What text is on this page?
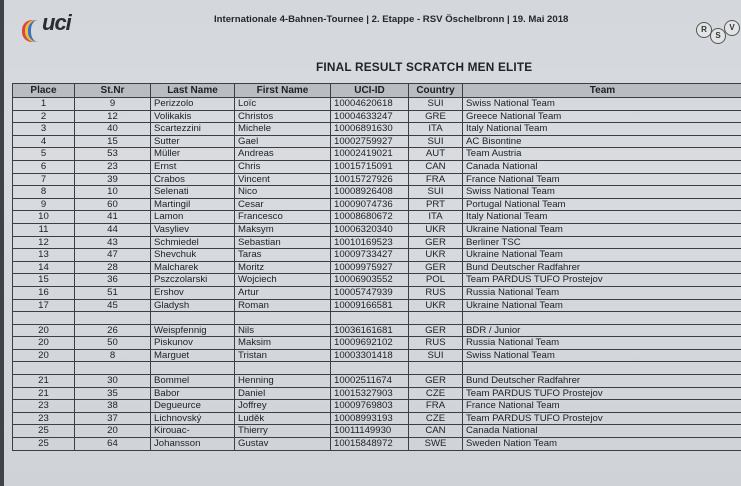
uci	Internationale 4-Bahnen-Tournee | 2. Etappe - RSV Öschelbronn | 19. Mai 2018
R
S
V
FINAL RESULT SCRATCH MEN ELITE
Place	St.Nr	Last Name	First Name	UCI-ID	Country	Team
1	9	Perizzolo	Loïc	10004620618	SUI	Swiss National Team
2	12	Volikakis	Christos	10004633247	GRE	Greece National Team
3	40	Scartezzini	Michele	10006891630	ITA	Italy National Team
4	15	Sutter	Gael	10002759927	SUI	AC Bisontine
5	53	Müller	Andreas	10002419021	AUT	Team Austria
6	23	Ernst	Chris	10015715091	CAN	Canada National
7	39	Crabos	Vincent	10015727926	FRA	France National Team
8	10	Selenati	Nico	10008926408	SUI	Swiss National Team
9	60	Martingil	Cesar	10009074736	PRT	Portugal National Team
10	41	Lamon	Francesco	10008680672	ITA	Italy National Team
11	44	Vasyliev	Maksym	10006320340	UKR	Ukraine National Team
12	43	Schmiedel	Sebastian	10010169523	GER	Berliner TSC
13	47	Shevchuk	Taras	10009733427	UKR	Ukraine National Team
14	28	Malcharek	Moritz	10009975927	GER	Bund Deutscher Radfahrer
15	36	Pszczolarski	Wojciech	10006903552	POL	Team PARDUS TUFO Prostejov
16	51	Ershov	Artur	10005747939	RUS	Russia National Team
17	45	Gladysh	Roman	10009166581	UKR	Ukraine National Team

20	26	Weispfennig	Nils	10036161681	GER	BDR / Junior
20	50	Piskunov	Maksim	10009692102	RUS	Russia National Team
20	8	Marguet	Tristan	10003301418	SUI	Swiss National Team

21	30	Bommel	Henning	10002511674	GER	Bund Deutscher Radfahrer
21	35	Babor	Daniel	10015327903	CZE	Team PARDUS TUFO Prostejov
23	38	Degueurce	Joffrey	10009769803	FRA	France National Team
23	37	Lichnovský	Luděk	10008993193	CZE	Team PARDUS TUFO Prostejov
25	20	Kirouac-	Thierry	10011149930	CAN	Canada National
25	64	Johansson	Gustav	10015848972	SWE	Sweden Nation Team
